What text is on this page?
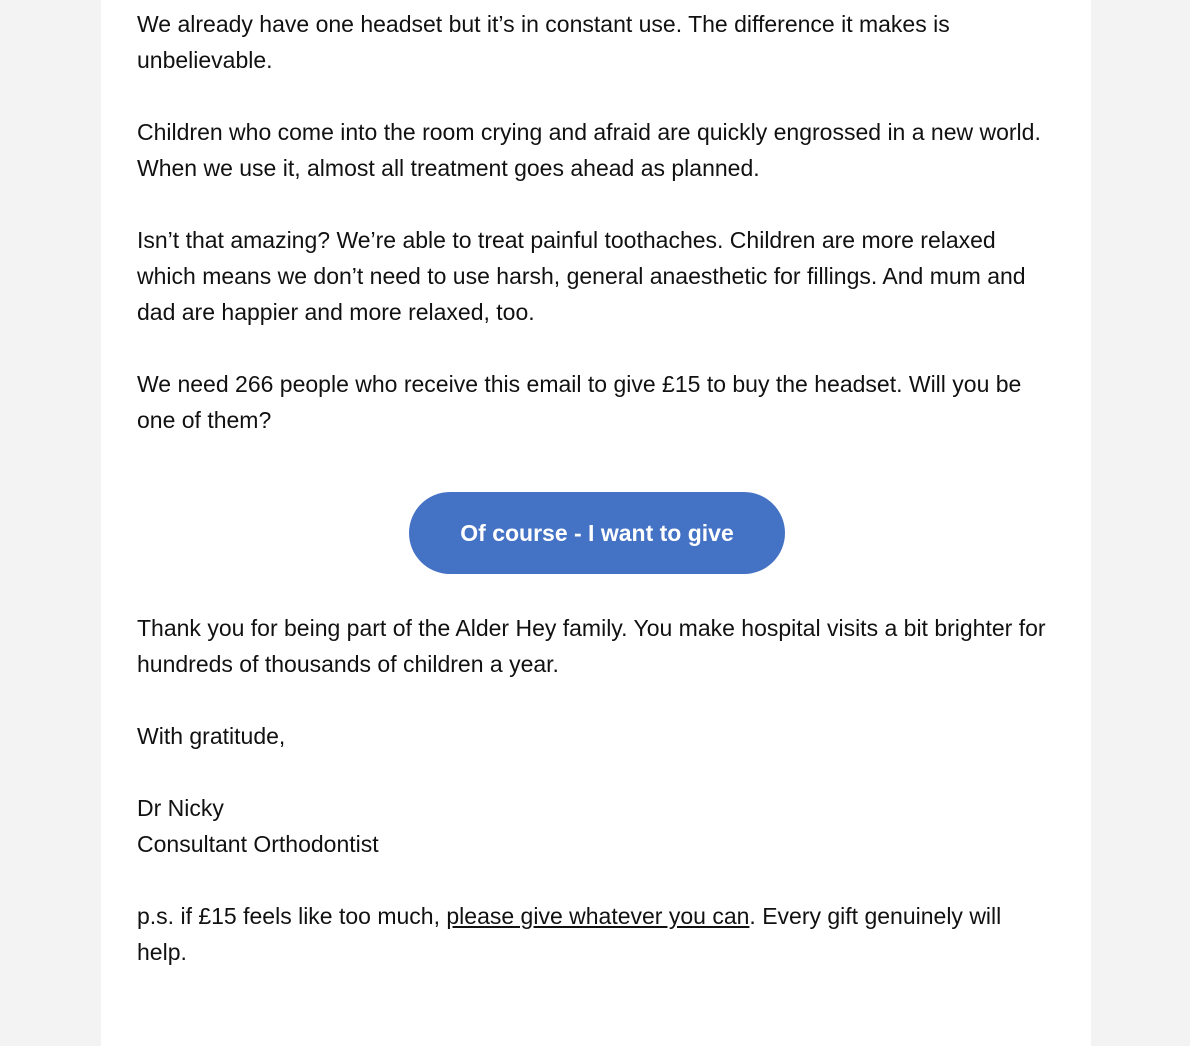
We already have one headset but it’s in constant use. The difference it makes is unbelievable.

Children who come into the room crying and afraid are quickly engrossed in a new world. When we use it, almost all treatment goes ahead as planned.

Isn’t that amazing? We’re able to treat painful toothaches. Children are more relaxed which means we don’t need to use harsh, general anaesthetic for fillings. And mum and dad are happier and more relaxed, too.

We need 266 people who receive this email to give £15 to buy the headset. Will you be one of them?

Of course - I want to give

Thank you for being part of the Alder Hey family. You make hospital visits a bit brighter for hundreds of thousands of children a year.

With gratitude,

Dr Nicky

Consultant Orthodontist

p.s. if £15 feels like too much, please give whatever you can. Every gift genuinely will help.
